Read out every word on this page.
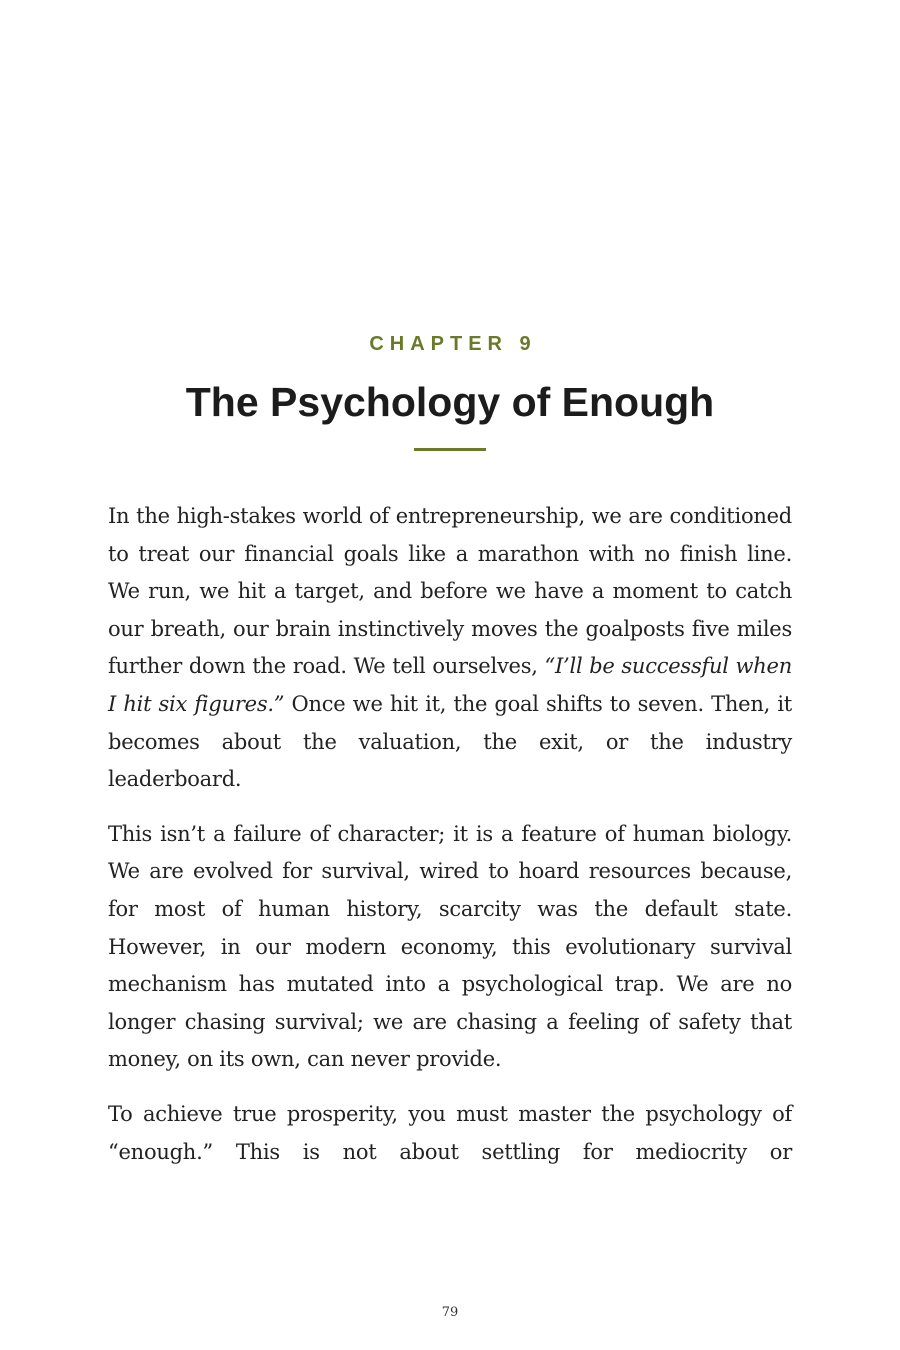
CHAPTER 9
The Psychology of Enough

In the high-stakes world of entrepreneurship, we are conditioned to treat our financial goals like a marathon with no finish line. We run, we hit a target, and before we have a moment to catch our breath, our brain instinctively moves the goalposts five miles further down the road. We tell ourselves, “I’ll be successful when I hit six figures.” Once we hit it, the goal shifts to seven. Then, it becomes about the valuation, the exit, or the industry leaderboard.

This isn’t a failure of character; it is a feature of human biology. We are evolved for survival, wired to hoard resources because, for most of human history, scarcity was the default state. However, in our modern economy, this evolutionary survival mechanism has mutated into a psychological trap. We are no longer chasing survival; we are chasing a feeling of safety that money, on its own, can never provide.

To achieve true prosperity, you must master the psychology of “enough.” This is not about settling for mediocrity or

79
